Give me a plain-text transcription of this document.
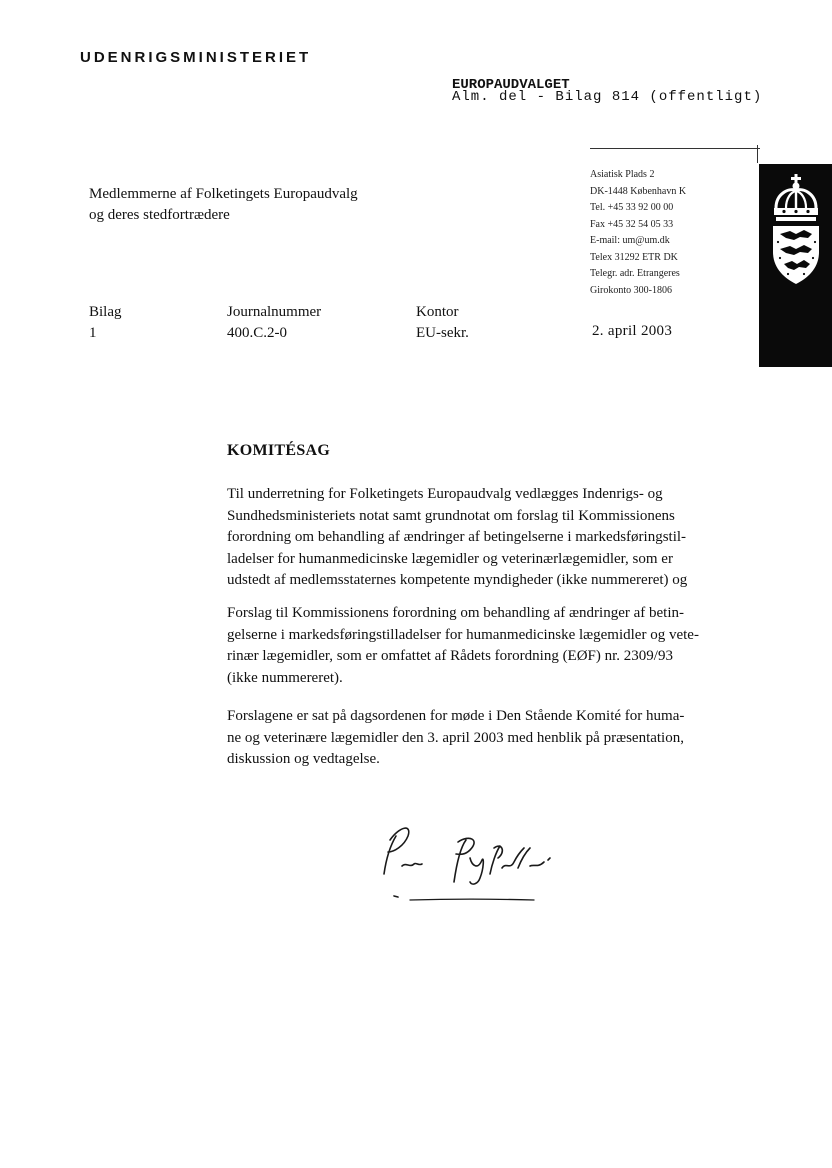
UDENRIGSMINISTERIET
EUROPAUDVALGET
Alm. del - Bilag 814 (offentligt)
Asiatisk Plads 2
DK-1448 København K
Tel. +45 33 92 00 00
Fax +45 32 54 05 33
E-mail: um@um.dk
Telex 31292 ETR DK
Telegr. adr. Etrangeres
Girokonto 300-1806
Medlemmerne af Folketingets Europaudvalg
og deres stedfortrædere
Bilag
1
Journalnummer
400.C.2-0
Kontor
EU-sekr.	2. april 2003
KOMITÉSAG
Til underretning for Folketingets Europaudvalg vedlægges Indenrigs- og
Sundhedsministeriets notat samt grundnotat om forslag til Kommissionens
forordning om behandling af ændringer af betingelserne i markedsføringstil-
ladelser for humanmedicinske lægemidler og veterinærlægemidler, som er
udstedt af medlemsstaternes kompetente myndigheder (ikke nummereret) og
Forslag til Kommissionens forordning om behandling af ændringer af betin-
gelserne i markedsføringstilladelser for humanmedicinske lægemidler og vete-
rinær lægemidler, som er omfattet af Rådets forordning (EØF) nr. 2309/93
(ikke nummereret).
Forslagene er sat på dagsordenen for møde i Den Stående Komité for huma-
ne og veterinære lægemidler den 3. april 2003 med henblik på præsentation,
diskussion og vedtagelse.
